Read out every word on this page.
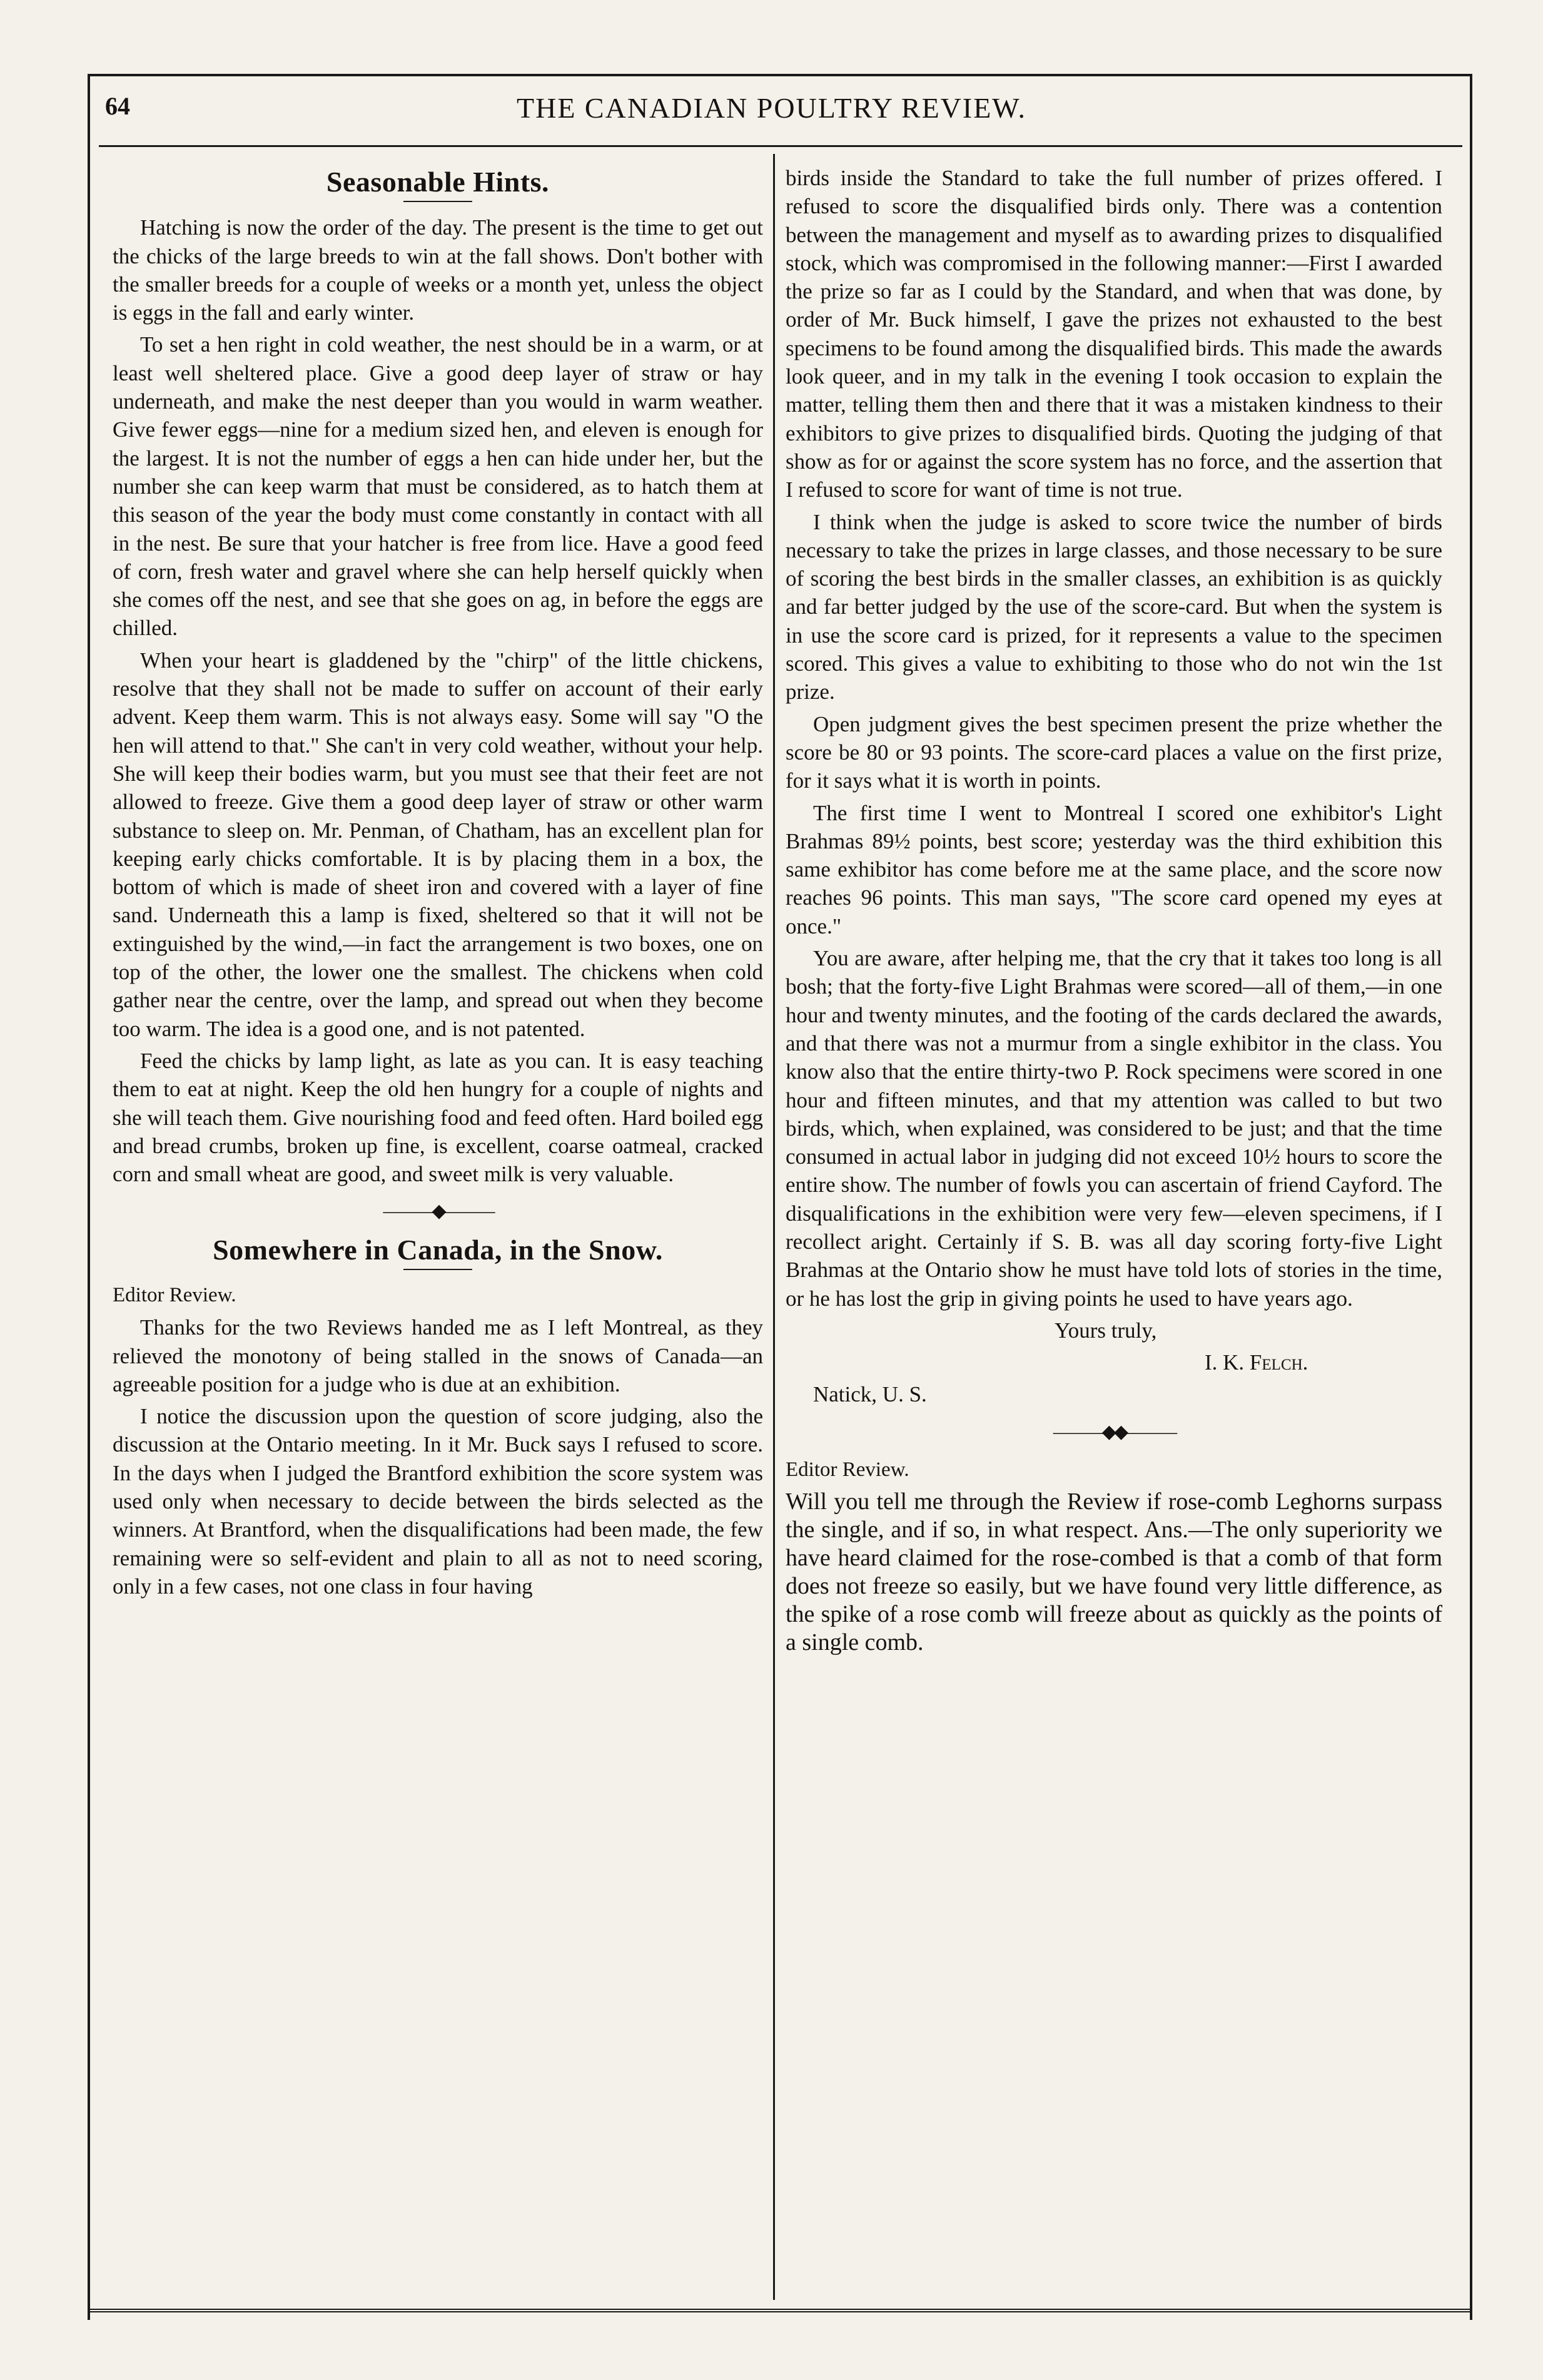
THE CANADIAN POULTRY REVIEW.
64
Seasonable Hints.

Hatching is now the order of the day. The present is the time to get out the chicks of the large breeds to win at the fall shows. Don't bother with the smaller breeds for a couple of weeks or a month yet, unless the object is eggs in the fall and early winter.

To set a hen right in cold weather, the nest should be in a warm, or at least well sheltered place. Give a good deep layer of straw or hay underneath, and make the nest deeper than you would in warm weather. Give fewer eggs—nine for a medium sized hen, and eleven is enough for the largest. It is not the number of eggs a hen can hide under her, but the number she can keep warm that must be considered, as to hatch them at this season of the year the body must come constantly in contact with all in the nest. Be sure that your hatcher is free from lice. Have a good feed of corn, fresh water and gravel where she can help herself quickly when she comes off the nest, and see that she goes on ag, in before the eggs are chilled.

When your heart is gladdened by the "chirp" of the little chickens, resolve that they shall not be made to suffer on account of their early advent. Keep them warm. This is not always easy. Some will say "O the hen will attend to that." She can't in very cold weather, without your help. She will keep their bodies warm, but you must see that their feet are not allowed to freeze. Give them a good deep layer of straw or other warm substance to sleep on. Mr. Penman, of Chatham, has an excellent plan for keeping early chicks comfortable. It is by placing them in a box, the bottom of which is made of sheet iron and covered with a layer of fine sand. Underneath this a lamp is fixed, sheltered so that it will not be extinguished by the wind,—in fact the arrangement is two boxes, one on top of the other, the lower one the smallest. The chickens when cold gather near the centre, over the lamp, and spread out when they become too warm. The idea is a good one, and is not patented.

Feed the chicks by lamp light, as late as you can. It is easy teaching them to eat at night. Keep the old hen hungry for a couple of nights and she will teach them. Give nourishing food and feed often. Hard boiled egg and bread crumbs, broken up fine, is excellent, coarse oatmeal, cracked corn and small wheat are good, and sweet milk is very valuable.

―――◆―――
Somewhere in Canada, in the Snow.

Editor Review.

Thanks for the two Reviews handed me as I left Montreal, as they relieved the monotony of being stalled in the snows of Canada—an agreeable position for a judge who is due at an exhibition.

I notice the discussion upon the question of score judging, also the discussion at the Ontario meeting. In it Mr. Buck says I refused to score. In the days when I judged the Brantford exhibition the score system was used only when necessary to decide between the birds selected as the winners. At Brantford, when the disqualifications had been made, the few remaining were so self-evident and plain to all as not to need scoring, only in a few cases, not one class in four having

birds inside the Standard to take the full number of prizes offered. I refused to score the disqualified birds only. There was a contention between the management and myself as to awarding prizes to disqualified stock, which was compromised in the following manner:—First I awarded the prize so far as I could by the Standard, and when that was done, by order of Mr. Buck himself, I gave the prizes not exhausted to the best specimens to be found among the disqualified birds. This made the awards look queer, and in my talk in the evening I took occasion to explain the matter, telling them then and there that it was a mistaken kindness to their exhibitors to give prizes to disqualified birds. Quoting the judging of that show as for or against the score system has no force, and the assertion that I refused to score for want of time is not true.

I think when the judge is asked to score twice the number of birds necessary to take the prizes in large classes, and those necessary to be sure of scoring the best birds in the smaller classes, an exhibition is as quickly and far better judged by the use of the score-card. But when the system is in use the score card is prized, for it represents a value to the specimen scored. This gives a value to exhibiting to those who do not win the 1st prize.

Open judgment gives the best specimen present the prize whether the score be 80 or 93 points. The score-card places a value on the first prize, for it says what it is worth in points.

The first time I went to Montreal I scored one exhibitor's Light Brahmas 89½ points, best score; yesterday was the third exhibition this same exhibitor has come before me at the same place, and the score now reaches 96 points. This man says, "The score card opened my eyes at once."

You are aware, after helping me, that the cry that it takes too long is all bosh; that the forty-five Light Brahmas were scored—all of them,—in one hour and twenty minutes, and the footing of the cards declared the awards, and that there was not a murmur from a single exhibitor in the class. You know also that the entire thirty-two P. Rock specimens were scored in one hour and fifteen minutes, and that my attention was called to but two birds, which, when explained, was considered to be just; and that the time consumed in actual labor in judging did not exceed 10½ hours to score the entire show. The number of fowls you can ascertain of friend Cayford. The disqualifications in the exhibition were very few—eleven specimens, if I recollect aright. Certainly if S. B. was all day scoring forty-five Light Brahmas at the Ontario show he must have told lots of stories in the time, or he has lost the grip in giving points he used to have years ago.

Yours truly,

I. K. Felch.

Natick, U. S.

―――◆◆―――

Editor Review.

Will you tell me through the Review if rose-comb Leghorns surpass the single, and if so, in what respect. Ans.—The only superiority we have heard claimed for the rose-combed is that a comb of that form does not freeze so easily, but we have found very little difference, as the spike of a rose comb will freeze about as quickly as the points of a single comb.
